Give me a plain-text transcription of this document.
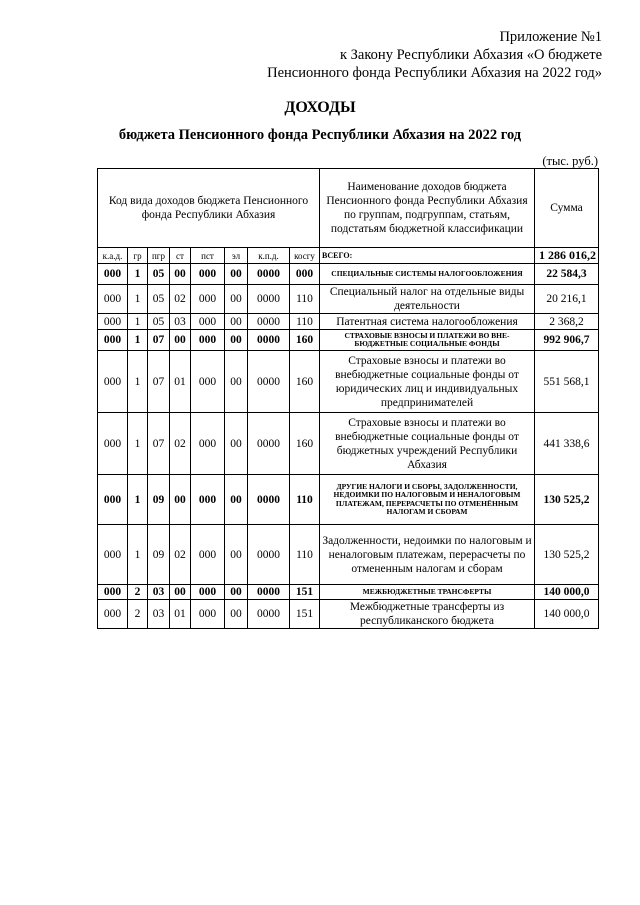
Приложение №1
к Закону Республики Абхазия «О бюджете
Пенсионного фонда Республики Абхазия на 2022 год»
ДОХОДЫ
бюджета Пенсионного фонда Республики Абхазия на 2022 год
(тыс. руб.)
Код вида доходов бюджета Пенсионного фонда Республики Абхазия								Наименование доходов бюджета Пенсионного фонда Республики Абхазия по группам, подгруппам, статьям, подстатьям бюджетной классификации	Сумма
к.а.д.	гр	пгр	ст	пст	эл	к.п.д.	косгу	ВСЕГО:	1 286 016,2
000	1	05	00	000	00	0000	000	СПЕЦИАЛЬНЫЕ СИСТЕМЫ НАЛОГООБЛОЖЕНИЯ	22 584,3
000	1	05	02	000	00	0000	110	Специальный налог на отдельные виды деятельности	20 216,1
000	1	05	03	000	00	0000	110	Патентная система налогообложения	2 368,2
000	1	07	00	000	00	0000	160	СТРАХОВЫЕ ВЗНОСЫ И ПЛАТЕЖИ ВО ВНЕ-БЮДЖЕТНЫЕ СОЦИАЛЬНЫЕ ФОНДЫ	992 906,7
000	1	07	01	000	00	0000	160	Страховые взносы и платежи во внебюджетные социальные фонды от юридических лиц и индивидуальных предпринимателей	551 568,1
000	1	07	02	000	00	0000	160	Страховые взносы и платежи во внебюджетные социальные фонды от бюджетных учреждений Республики Абхазия	441 338,6
000	1	09	00	000	00	0000	110	ДРУГИЕ НАЛОГИ И СБОРЫ, ЗАДОЛЖЕННОСТИ, НЕДОИМКИ ПО НАЛОГОВЫМ И НЕНАЛОГОВЫМ ПЛАТЕЖАМ, ПЕРЕРАСЧЕТЫ ПО ОТМЕНЁННЫМ НАЛОГАМ И СБОРАМ	130 525,2
000	1	09	02	000	00	0000	110	Задолженности, недоимки по налоговым и неналоговым платежам, перерасчеты по отмененным налогам и сборам	130 525,2
000	2	03	00	000	00	0000	151	МЕЖБЮДЖЕТНЫЕ ТРАНСФЕРТЫ	140 000,0
000	2	03	01	000	00	0000	151	Межбюджетные трансферты из республиканского бюджета	140 000,0
